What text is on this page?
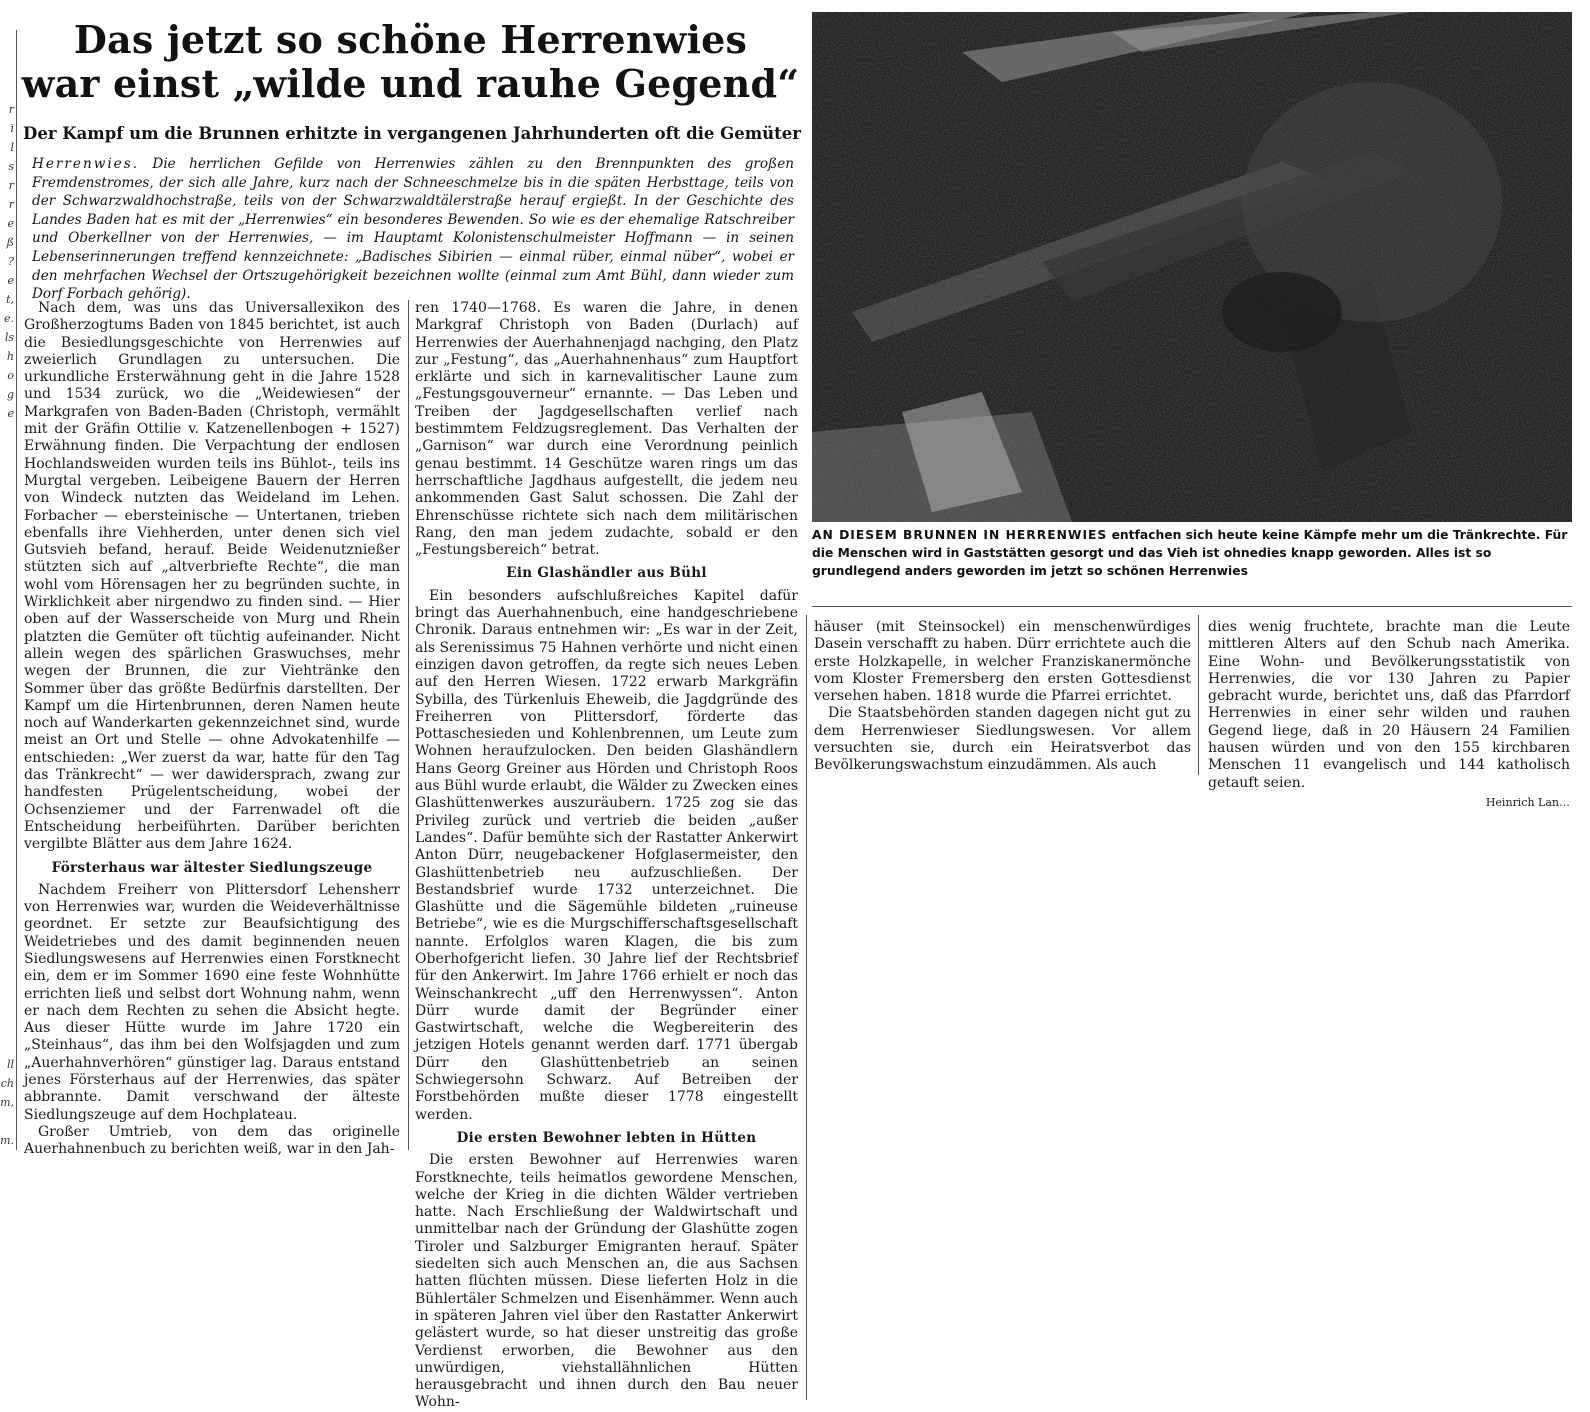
r
i
l
s
r
r
e
ß
?
e
t,
e.
ls
h
o
g
e
ll
ch
m,
m.
Das jetzt so schöne Herrenwies
war einst „wilde und rauhe Gegend“
Der Kampf um die Brunnen erhitzte in vergangenen Jahrhunderten oft die Gemüter
Herrenwies. Die herrlichen Gefilde von Herrenwies zählen zu den Brennpunkten des großen Fremdenstromes, der sich alle Jahre, kurz nach der Schneeschmelze bis in die späten Herbsttage, teils von der Schwarzwaldhochstraße, teils von der Schwarzwaldtälerstraße herauf ergießt. In der Geschichte des Landes Baden hat es mit der „Herrenwies“ ein besonderes Bewenden. So wie es der ehemalige Ratschreiber und Oberkellner von der Herrenwies, — im Hauptamt Kolonistenschulmeister Hoffmann — in seinen Lebenserinnerungen treffend kennzeichnete: „Badisches Sibirien — einmal rüber, einmal nüber“, wobei er den mehrfachen Wechsel der Ortszugehörigkeit bezeichnen wollte (einmal zum Amt Bühl, dann wieder zum Dorf Forbach gehörig).

Nach dem, was uns das Universallexikon des Großherzogtums Baden von 1845 berichtet, ist auch die Besiedlungsgeschichte von Herrenwies auf zweierlich Grundlagen zu untersuchen. Die urkundliche Ersterwähnung geht in die Jahre 1528 und 1534 zurück, wo die „Weidewiesen“ der Markgrafen von Baden-Baden (Christoph, vermählt mit der Gräfin Ottilie v. Katzenellenbogen + 1527) Erwähnung finden. Die Verpachtung der endlosen Hochlandsweiden wurden teils ins Bühlot-, teils ins Murgtal vergeben. Leibeigene Bauern der Herren von Windeck nutzten das Weideland im Lehen. Forbacher — ebersteinische — Untertanen, trieben ebenfalls ihre Viehherden, unter denen sich viel Gutsvieh befand, herauf. Beide Weidenutznießer stützten sich auf „altverbriefte Rechte“, die man wohl vom Hörensagen her zu begründen suchte, in Wirklichkeit aber nirgendwo zu finden sind. — Hier oben auf der Wasserscheide von Murg und Rhein platzten die Gemüter oft tüchtig aufeinander. Nicht allein wegen des spärlichen Graswuchses, mehr wegen der Brunnen, die zur Viehtränke den Sommer über das größte Bedürfnis darstellten. Der Kampf um die Hirtenbrunnen, deren Namen heute noch auf Wanderkarten gekennzeichnet sind, wurde meist an Ort und Stelle — ohne Advokatenhilfe — entschieden: „Wer zuerst da war, hatte für den Tag das Tränkrecht“ — wer dawidersprach, zwang zur handfesten Prügelentscheidung, wobei der Ochsenziemer und der Farrenwadel oft die Entscheidung herbeiführten. Darüber berichten vergilbte Blätter aus dem Jahre 1624.

Försterhaus war ältester Siedlungszeuge

Nachdem Freiherr von Plittersdorf Lehensherr von Herrenwies war, wurden die Weideverhältnisse geordnet. Er setzte zur Beaufsichtigung des Weidetriebes und des damit beginnenden neuen Siedlungswesens auf Herrenwies einen Forstknecht ein, dem er im Sommer 1690 eine feste Wohnhütte errichten ließ und selbst dort Wohnung nahm, wenn er nach dem Rechten zu sehen die Absicht hegte. Aus dieser Hütte wurde im Jahre 1720 ein „Steinhaus“, das ihm bei den Wolfsjagden und zum „Auerhahnverhören“ günstiger lag. Daraus entstand jenes Försterhaus auf der Herrenwies, das später abbrannte. Damit verschwand der älteste Siedlungszeuge auf dem Hochplateau.

Großer Umtrieb, von dem das originelle Auerhahnenbuch zu berichten weiß, war in den Jah-

ren 1740—1768. Es waren die Jahre, in denen Markgraf Christoph von Baden (Durlach) auf Herrenwies der Auerhahnenjagd nachging, den Platz zur „Festung“, das „Auerhahnenhaus“ zum Hauptfort erklärte und sich in karnevalitischer Laune zum „Festungsgouverneur“ ernannte. — Das Leben und Treiben der Jagdgesellschaften verlief nach bestimmtem Feldzugsreglement. Das Verhalten der „Garnison“ war durch eine Verordnung peinlich genau bestimmt. 14 Geschütze waren rings um das herrschaftliche Jagdhaus aufgestellt, die jedem neu ankommenden Gast Salut schossen. Die Zahl der Ehrenschüsse richtete sich nach dem militärischen Rang, den man jedem zudachte, sobald er den „Festungsbereich“ betrat.

Ein Glashändler aus Bühl

Ein besonders aufschlußreiches Kapitel dafür bringt das Auerhahnenbuch, eine handgeschriebene Chronik. Daraus entnehmen wir: „Es war in der Zeit, als Serenissimus 75 Hahnen verhörte und nicht einen einzigen davon getroffen, da regte sich neues Leben auf den Herren Wiesen. 1722 erwarb Markgräfin Sybilla, des Türkenluis Eheweib, die Jagdgründe des Freiherren von Plittersdorf, förderte das Pottaschesieden und Kohlenbrennen, um Leute zum Wohnen heraufzulocken. Den beiden Glashändlern Hans Georg Greiner aus Hörden und Christoph Roos aus Bühl wurde erlaubt, die Wälder zu Zwecken eines Glashüttenwerkes auszuräubern. 1725 zog sie das Privileg zurück und vertrieb die beiden „außer Landes“. Dafür bemühte sich der Rastatter Ankerwirt Anton Dürr, neugebackener Hofglasermeister, den Glashüttenbetrieb neu aufzuschließen. Der Bestandsbrief wurde 1732 unterzeichnet. Die Glashütte und die Sägemühle bildeten „ruineuse Betriebe“, wie es die Murgschifferschaftsgesellschaft nannte. Erfolglos waren Klagen, die bis zum Oberhofgericht liefen. 30 Jahre lief der Rechtsbrief für den Ankerwirt. Im Jahre 1766 erhielt er noch das Weinschankrecht „uff den Herrenwyssen“. Anton Dürr wurde damit der Begründer einer Gastwirtschaft, welche die Wegbereiterin des jetzigen Hotels genannt werden darf. 1771 übergab Dürr den Glashüttenbetrieb an seinen Schwiegersohn Schwarz. Auf Betreiben der Forstbehörden mußte dieser 1778 eingestellt werden.

Die ersten Bewohner lebten in Hütten

Die ersten Bewohner auf Herrenwies waren Forstknechte, teils heimatlos gewordene Menschen, welche der Krieg in die dichten Wälder vertrieben hatte. Nach Erschließung der Waldwirtschaft und unmittelbar nach der Gründung der Glashütte zogen Tiroler und Salzburger Emigranten herauf. Später siedelten sich auch Menschen an, die aus Sachsen hatten flüchten müssen. Diese lieferten Holz in die Bühlertäler Schmelzen und Eisenhämmer. Wenn auch in späteren Jahren viel über den Rastatter Ankerwirt gelästert wurde, so hat dieser unstreitig das große Verdienst erworben, die Bewohner aus den unwürdigen, viehstallähnlichen Hütten herausgebracht und ihnen durch den Bau neuer Wohn-

AN DIESEM BRUNNEN IN HERRENWIES entfachen sich heute keine Kämpfe mehr um die Tränkrechte. Für die Menschen wird in Gaststätten gesorgt und das Vieh ist ohnedies knapp geworden. Alles ist so grundlegend anders geworden im jetzt so schönen Herrenwies

häuser (mit Steinsockel) ein menschenwürdiges Dasein verschafft zu haben. Dürr errichtete auch die erste Holzkapelle, in welcher Franziskanermönche vom Kloster Fremersberg den ersten Gottesdienst versehen haben. 1818 wurde die Pfarrei errichtet.

Die Staatsbehörden standen dagegen nicht gut zu dem Herrenwieser Siedlungswesen. Vor allem versuchten sie, durch ein Heiratsverbot das Bevölkerungswachstum einzudämmen. Als auch

dies wenig fruchtete, brachte man die Leute mittleren Alters auf den Schub nach Amerika. Eine Wohn- und Bevölkerungsstatistik von Herrenwies, die vor 130 Jahren zu Papier gebracht wurde, berichtet uns, daß das Pfarrdorf Herrenwies in einer sehr wilden und rauhen Gegend liege, daß in 20 Häusern 24 Familien hausen würden und von den 155 kirchbaren Menschen 11 evangelisch und 144 katholisch getauft seien.

Heinrich Lan…
